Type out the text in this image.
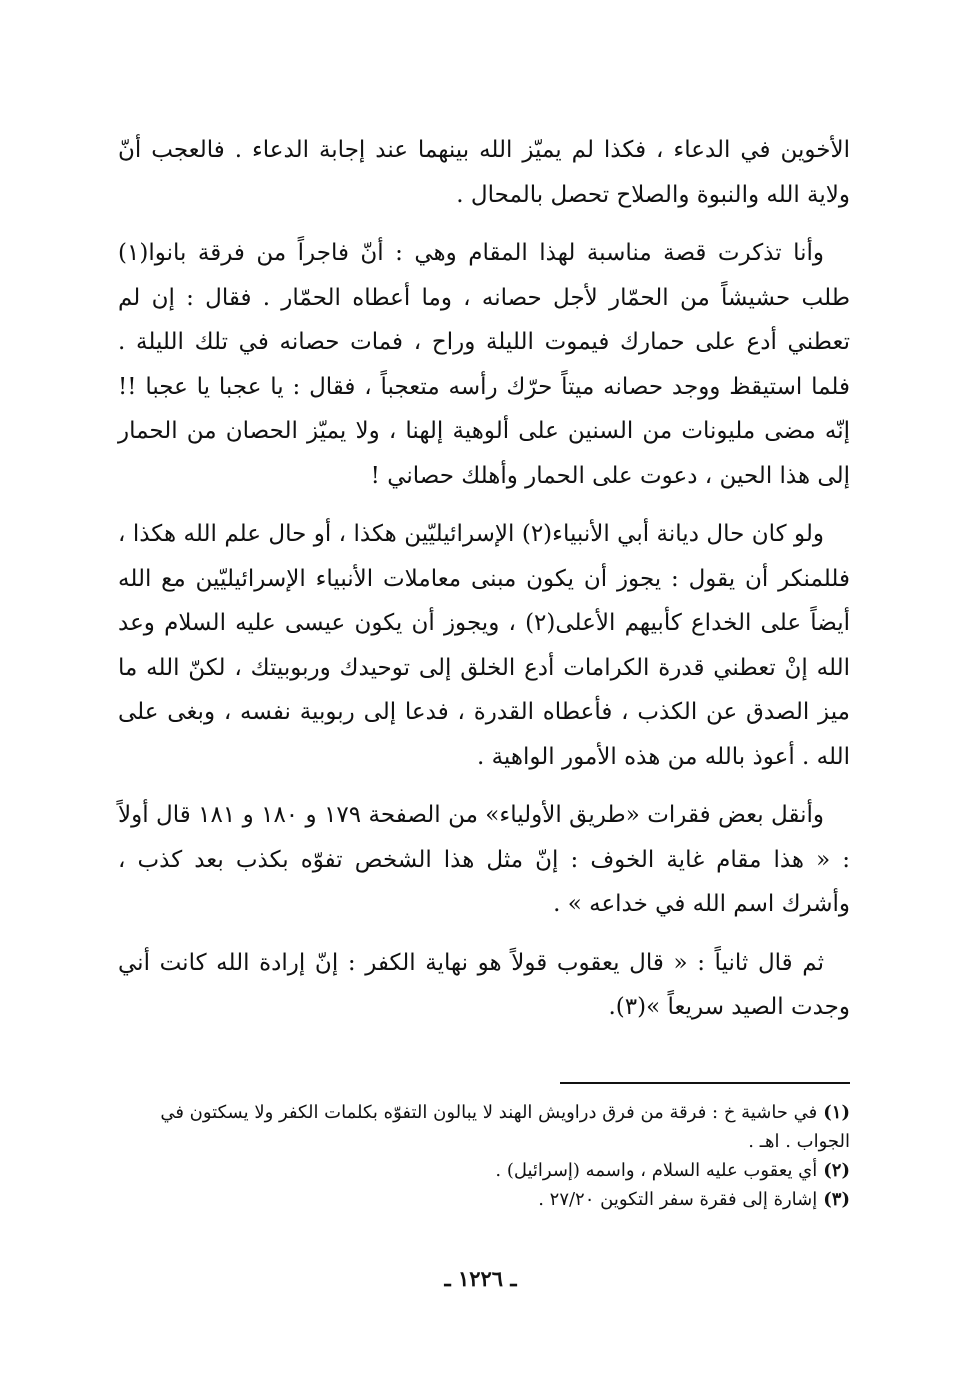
الأخوين في الدعاء ، فكذا لم يميّز الله بينهما عند إجابة الدعاء . فالعجب أنّ ولاية الله والنبوة والصلاح تحصل بالمحال .

وأنا تذكرت قصة مناسبة لهذا المقام وهي : أنّ فاجراً من فرقة بانوا(١) طلب حشيشاً من الحمّار لأجل حصانه ، وما أعطاه الحمّار . فقال : إن لم تعطني أدع على حمارك فيموت الليلة وراح ، فمات حصانه في تلك الليلة . فلما استيقظ ووجد حصانه ميتاً حرّك رأسه متعجباً ، فقال : يا عجبا يا عجبا !! إنّه مضى مليونات من السنين على ألوهية إلهنا ، ولا يميّز الحصان من الحمار إلى هذا الحين ، دعوت على الحمار وأهلك حصاني !

ولو كان حال ديانة أبي الأنبياء(٢) الإسرائيليّين هكذا ، أو حال علم الله هكذا ، فللمنكر أن يقول : يجوز أن يكون مبنى معاملات الأنبياء الإسرائيليّين مع الله أيضاً على الخداع كأبيهم الأعلى(٢) ، ويجوز أن يكون عيسى عليه السلام وعد الله إنْ تعطني قدرة الكرامات أدع الخلق إلى توحيدك وربوبيتك ، لكنّ الله ما ميز الصدق عن الكذب ، فأعطاه القدرة ، فدعا إلى ربوبية نفسه ، وبغى على الله . أعوذ بالله من هذه الأمور الواهية .

وأنقل بعض فقرات «طريق الأولياء» من الصفحة ١٧٩ و ١٨٠ و ١٨١ قال أولاً : « هذا مقام غاية الخوف : إنّ مثل هذا الشخص تفوّه بكذب بعد كذب ، وأشرك اسم الله في خداعه » .

ثم قال ثانياً : « قال يعقوب قولاً هو نهاية الكفر : إنّ إرادة الله كانت أني وجدت الصيد سريعاً »(٣).

(١)في حاشية خ : فرقة من فرق دراويش الهند لا يبالون التفوّه بكلمات الكفر ولا يسكتون في الجواب . اهـ .

(٢)أي يعقوب عليه السلام ، واسمه (إسرائيل) .

(٣)إشارة إلى فقرة سفر التكوين ٢٧/٢٠ .

ـ ١٢٢٦ ـ
